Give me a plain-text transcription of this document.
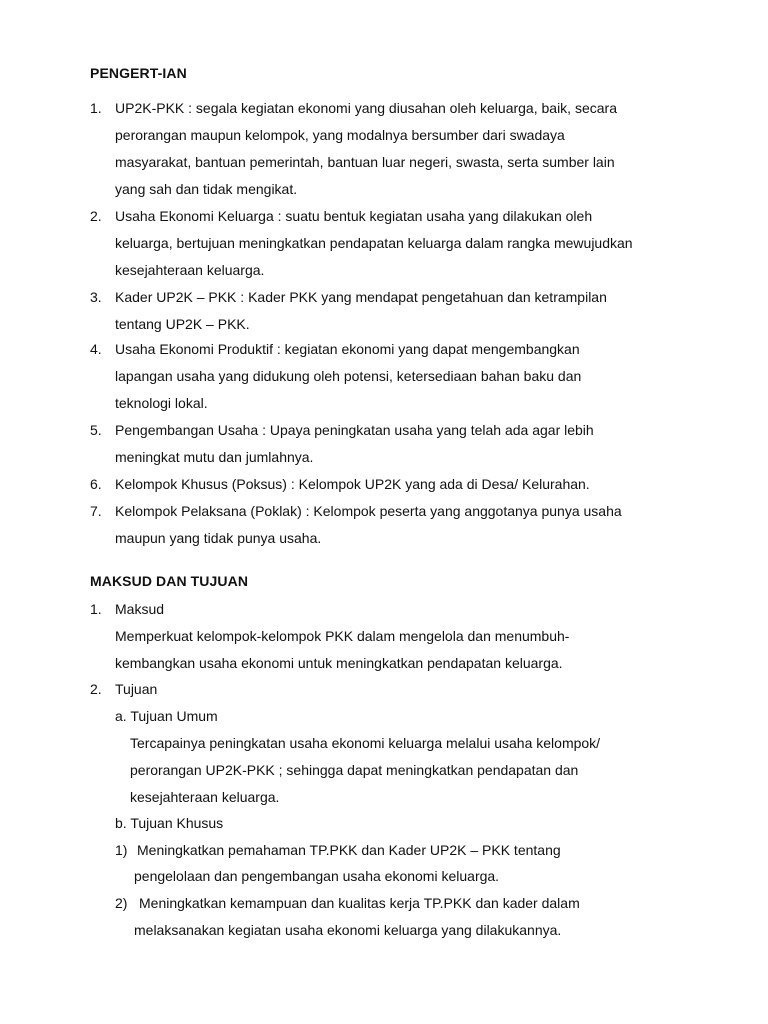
PENGERT-IAN
1. UP2K-PKK : segala kegiatan ekonomi yang diusahan oleh keluarga, baik, secara
perorangan maupun kelompok, yang modalnya bersumber dari swadaya
masyarakat, bantuan pemerintah, bantuan luar negeri, swasta, serta sumber lain
yang sah dan tidak mengikat.
2. Usaha Ekonomi Keluarga : suatu bentuk kegiatan usaha yang dilakukan oleh
keluarga, bertujuan meningkatkan pendapatan keluarga dalam rangka mewujudkan
kesejahteraan keluarga.
3. Kader UP2K – PKK : Kader PKK yang mendapat pengetahuan dan ketrampilan
tentang UP2K – PKK.
4. Usaha Ekonomi Produktif : kegiatan ekonomi yang dapat mengembangkan
lapangan usaha yang didukung oleh potensi, ketersediaan bahan baku dan
teknologi lokal.
5. Pengembangan Usaha : Upaya peningkatan usaha yang telah ada agar lebih
meningkat mutu dan jumlahnya.
6. Kelompok Khusus (Poksus) : Kelompok UP2K yang ada di Desa/ Kelurahan.
7. Kelompok Pelaksana (Poklak) : Kelompok peserta yang anggotanya punya usaha
maupun yang tidak punya usaha.
MAKSUD DAN TUJUAN
1. Maksud
Memperkuat kelompok-kelompok PKK dalam mengelola dan menumbuh-
kembangkan usaha ekonomi untuk meningkatkan pendapatan keluarga.
2. Tujuan
a. Tujuan Umum
Tercapainya peningkatan usaha ekonomi keluarga melalui usaha kelompok/
perorangan UP2K-PKK ; sehingga dapat meningkatkan pendapatan dan
kesejahteraan keluarga.
b. Tujuan Khusus
1) Meningkatkan pemahaman TP.PKK dan Kader UP2K – PKK tentang
pengelolaan dan pengembangan usaha ekonomi keluarga.
2) Meningkatkan kemampuan dan kualitas kerja TP.PKK dan kader dalam
melaksanakan kegiatan usaha ekonomi keluarga yang dilakukannya.
